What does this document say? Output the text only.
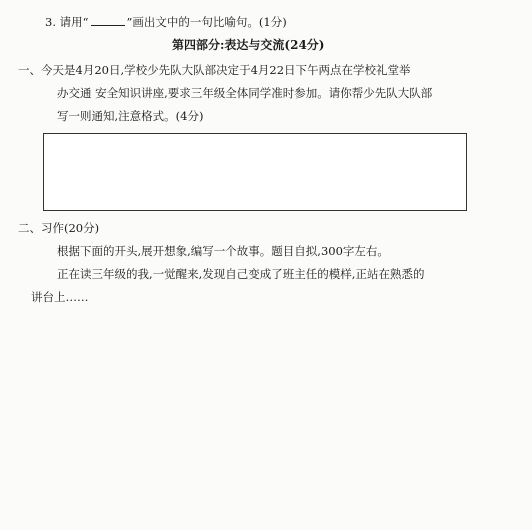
3. 请用“	”画出文中的一句比喻句。(1分)
第四部分:表达与交流(24分)
一、今天是4月20日,学校少先队大队部决定于4月22日下午两点在学校礼堂举
办交通 安全知识讲座,要求三年级全体同学准时参加。请你帮少先队大队部
写一则通知,注意格式。(4分)
二、习作(20分)
根据下面的开头,展开想象,编写一个故事。题目自拟,300字左右。
正在读三年级的我,一觉醒来,发现自己变成了班主任的模样,正站在熟悉的
讲台上……
